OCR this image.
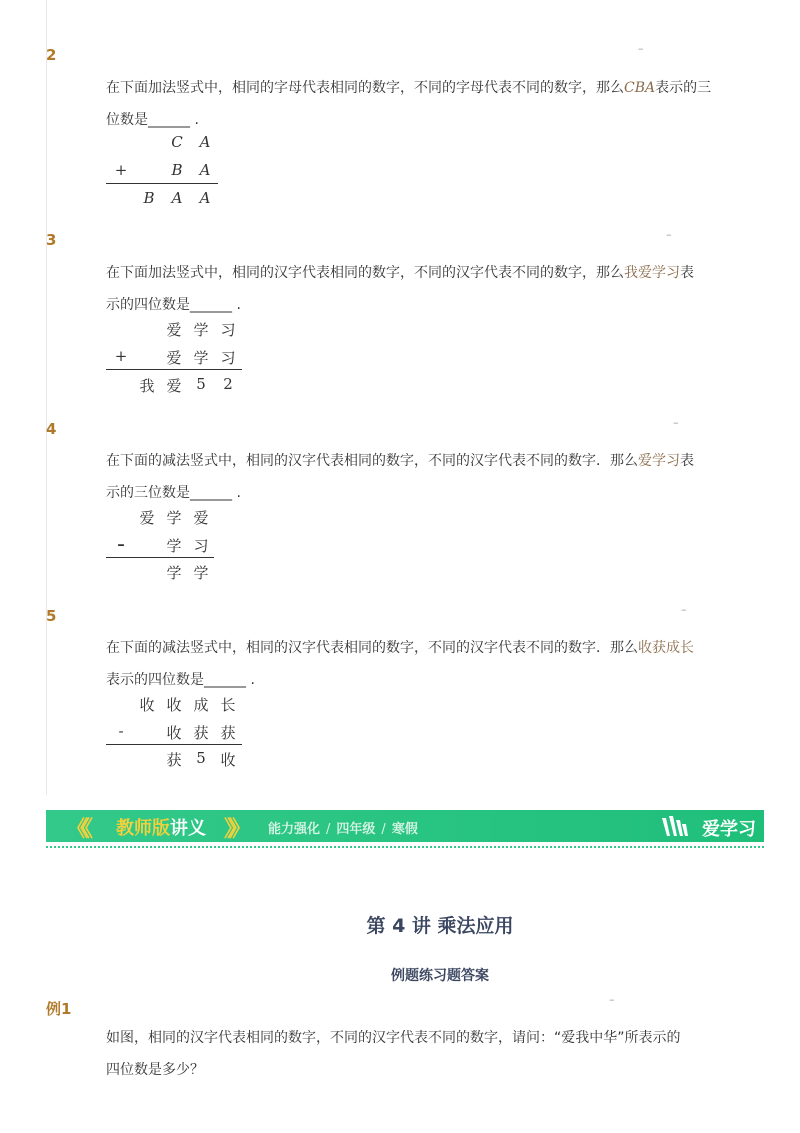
2	–
在下面加法竖式中，相同的字母代表相同的数字，不同的字母代表不同的数字，那么CBA表示的三
位数是______ .
C A
+	B A
B A A
3	–
在下面加法竖式中，相同的汉字代表相同的数字，不同的汉字代表不同的数字，那么我爱学习表
示的四位数是______ .
爱 学 习
+	爱 学 习
我 爱 5 2
4	–
在下面的减法竖式中，相同的汉字代表相同的数字，不同的汉字代表不同的数字．那么爱学习表
示的三位数是______ .
爱 学 爱
–	学 习
学 学
5	–
在下面的减法竖式中，相同的汉字代表相同的数字，不同的汉字代表不同的数字．那么收获成长
表示的四位数是______ .
收 收 成 长
-	收 获 获
获 5 收
《《 教师版讲义 》》 能力强化 / 四年级 / 寒假	爱学习
第 4 讲 乘法应用
例题练习题答案
例1
–
如图，相同的汉字代表相同的数字，不同的汉字代表不同的数字，请问：“爱我中华”所表示的
四位数是多少？
